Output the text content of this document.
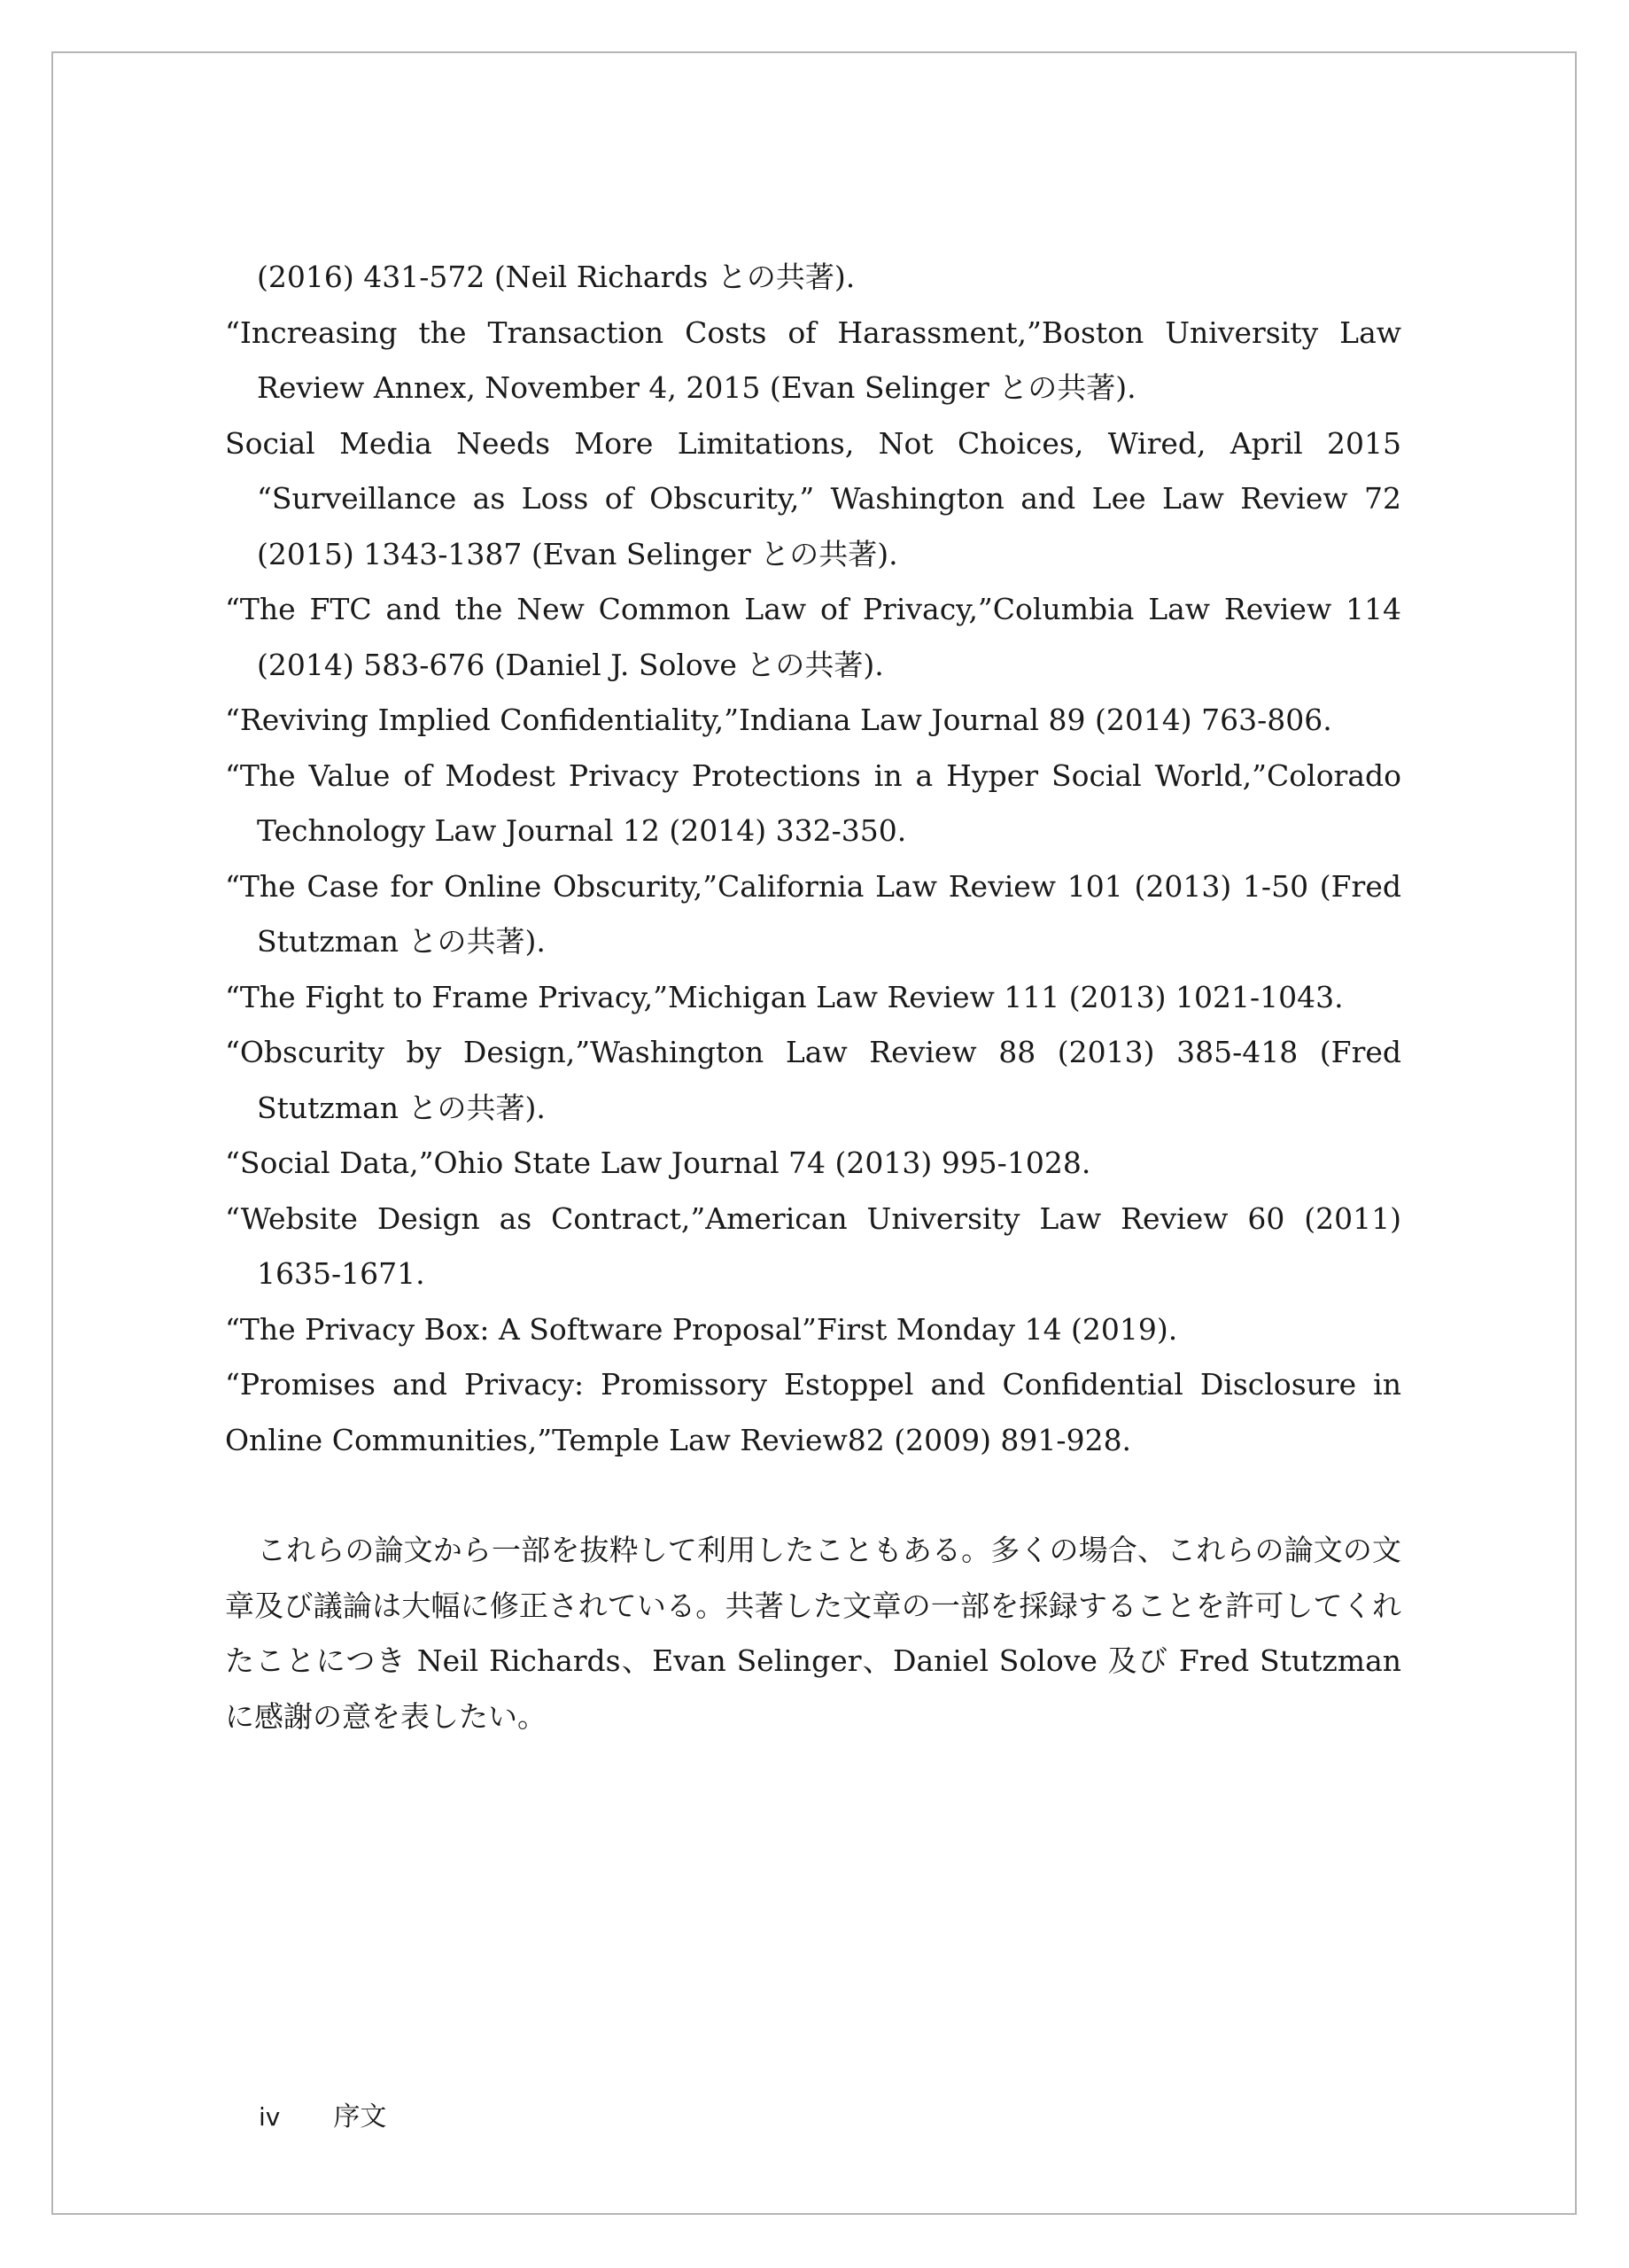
(2016) 431-572 (Neil Richards との共著).
“Increasing the Transaction Costs of Harassment,”Boston University Law Review Annex, November 4, 2015 (Evan Selinger との共著).
Social Media Needs More Limitations, Not Choices, Wired, April 2015 “Surveillance as Loss of Obscurity,” Washington and Lee Law Review 72 (2015) 1343-1387 (Evan Selinger との共著).
“The FTC and the New Common Law of Privacy,”Columbia Law Review 114 (2014) 583-676 (Daniel J. Solove との共著).
“Reviving Implied Confidentiality,”Indiana Law Journal 89 (2014) 763-806.
“The Value of Modest Privacy Protections in a Hyper Social World,”Colorado Technology Law Journal 12 (2014) 332-350.
“The Case for Online Obscurity,”California Law Review 101 (2013) 1-50 (Fred Stutzman との共著).
“The Fight to Frame Privacy,”Michigan Law Review 111 (2013) 1021-1043.
“Obscurity by Design,”Washington Law Review 88 (2013) 385-418 (Fred Stutzman との共著).
“Social Data,”Ohio State Law Journal 74 (2013) 995-1028.
“Website Design as Contract,”American University Law Review 60 (2011) 1635-1671.
“The Privacy Box: A Software Proposal”First Monday 14 (2019).
“Promises and Privacy: Promissory Estoppel and Confidential Disclosure in Online Communities,”Temple Law Review82 (2009) 891-928.

これらの論文から一部を抜粋して利用したこともある。多くの場合、これらの論文の文章及び議論は大幅に修正されている。共著した文章の一部を採録することを許可してくれたことにつき Neil Richards、Evan Selinger、Daniel Solove 及び Fred Stutzman に感謝の意を表したい。

iv 序文
